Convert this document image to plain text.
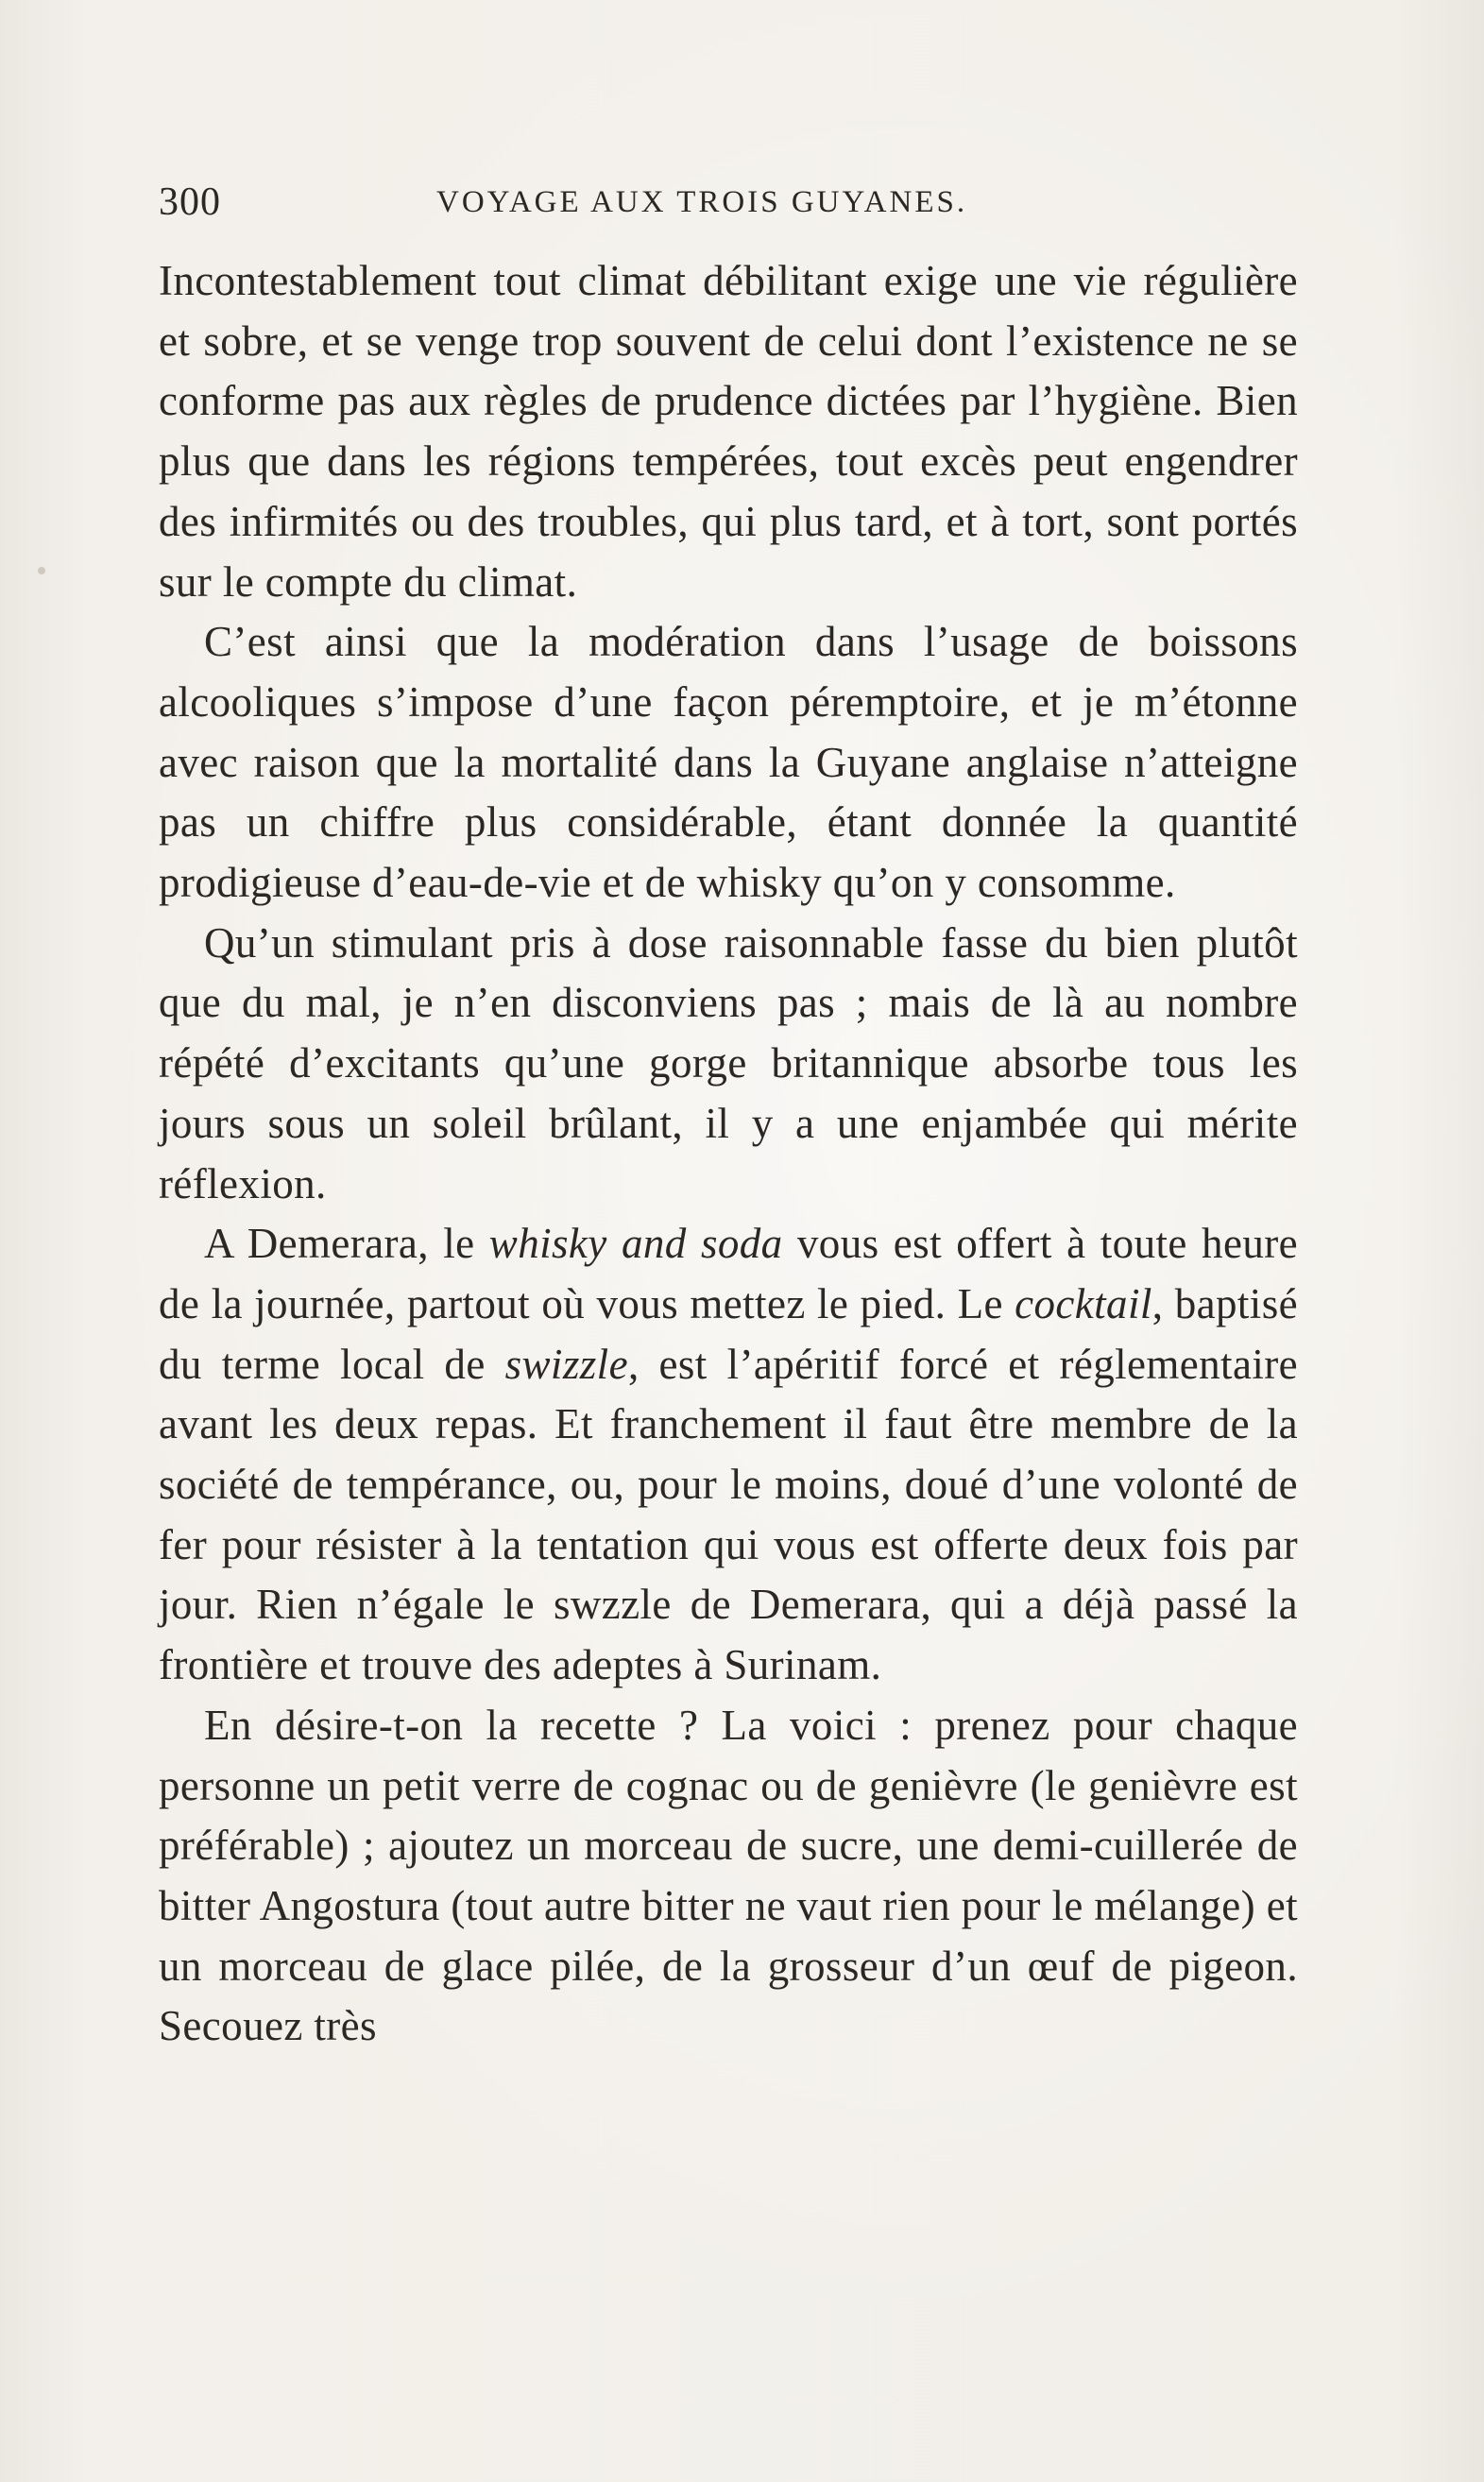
300	VOYAGE AUX TROIS GUYANES.

Incontestablement tout climat débilitant exige une vie régulière et sobre, et se venge trop souvent de celui dont l’existence ne se conforme pas aux règles de prudence dictées par l’hygiène. Bien plus que dans les régions tempérées, tout excès peut engendrer des infirmités ou des troubles, qui plus tard, et à tort, sont portés sur le compte du climat.

C’est ainsi que la modération dans l’usage de boissons alcooliques s’impose d’une façon péremptoire, et je m’étonne avec raison que la mortalité dans la Guyane anglaise n’atteigne pas un chiffre plus considérable, étant donnée la quantité prodigieuse d’eau-de-vie et de whisky qu’on y consomme.

Qu’un stimulant pris à dose raisonnable fasse du bien plutôt que du mal, je n’en disconviens pas ; mais de là au nombre répété d’excitants qu’une gorge britannique absorbe tous les jours sous un soleil brûlant, il y a une enjambée qui mérite réflexion.

A Demerara, le whisky and soda vous est offert à toute heure de la journée, partout où vous mettez le pied. Le cocktail, baptisé du terme local de swizzle, est l’apéritif forcé et réglementaire avant les deux repas. Et franchement il faut être membre de la société de tempérance, ou, pour le moins, doué d’une volonté de fer pour résister à la tentation qui vous est offerte deux fois par jour. Rien n’égale le swzzle de Demerara, qui a déjà passé la frontière et trouve des adeptes à Surinam.

En désire-t-on la recette ? La voici : prenez pour chaque personne un petit verre de cognac ou de genièvre (le genièvre est préférable) ; ajoutez un morceau de sucre, une demi-cuillerée de bitter Angostura (tout autre bitter ne vaut rien pour le mélange) et un morceau de glace pilée, de la grosseur d’un œuf de pigeon. Secouez très
